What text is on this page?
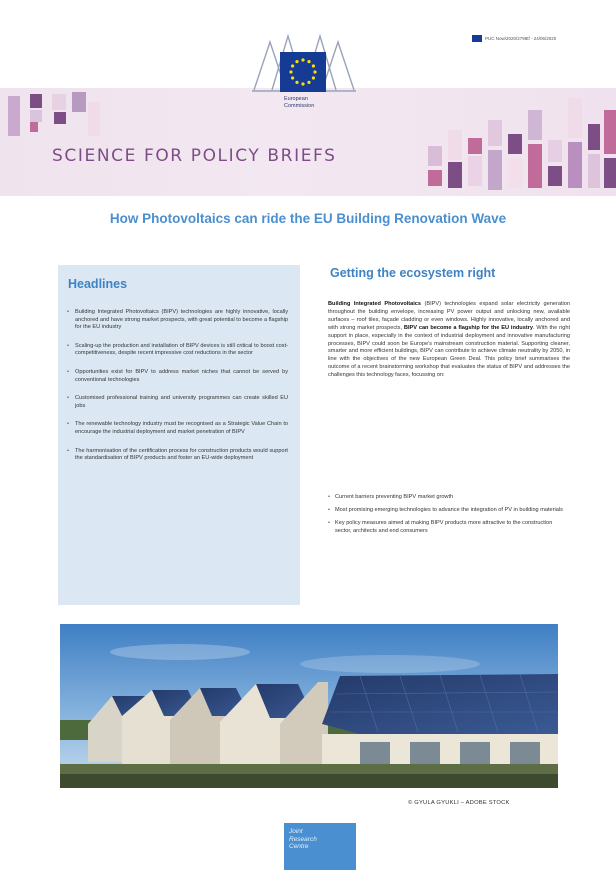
European
Commission
PUC Now/2020/2798tf - 24/06/2020
SCIENCE FOR POLICY BRIEFS
How Photovoltaics can ride the EU Building Renovation Wave
Headlines
• Building Integrated Photovoltaics (BIPV) technologies are highly innovative, locally anchored and have strong market prospects, with great potential to become a flagship for the EU industry
• Scaling-up the production and installation of BIPV devices is still critical to boost cost-competitiveness, despite recent impressive cost reductions in the sector
• Opportunities exist for BIPV to address market niches that cannot be served by conventional technologies
• Customised professional training and university programmes can create skilled EU jobs
• The renewable technology industry must be recognised as a Strategic Value Chain to encourage the industrial deployment and market penetration of BIPV
• The harmonisation of the certification process for construction products would support the standardisation of BIPV products and foster an EU-wide deployment
Getting the ecosystem right
Building Integrated Photovoltaics (BIPV) technologies expand solar electricity generation throughout the building envelope, increasing PV power output and unlocking new, available surfaces – roof tiles, façade cladding or even windows. Highly innovative, locally anchored and with strong market prospects, BIPV can become a flagship for the EU industry. With the right support in place, especially in the context of industrial deployment and innovative manufacturing processes, BIPV could soon be Europe's mainstream construction material. Supporting cleaner, smarter and more efficient buildings, BIPV can contribute to achieve climate neutrality by 2050, in line with the objectives of the new European Green Deal. This policy brief summarises the outcome of a recent brainstorming workshop that evaluates the status of BIPV and addresses the challenges this technology faces, focussing on:
• Current barriers preventing BIPV market growth
• Most promising emerging technologies to advance the integration of PV in building materials
• Key policy measures aimed at making BIPV products more attractive to the construction sector, architects and end consumers
© GYULA GYUKLI – ADOBE STOCK
Joint
Research
Centre
